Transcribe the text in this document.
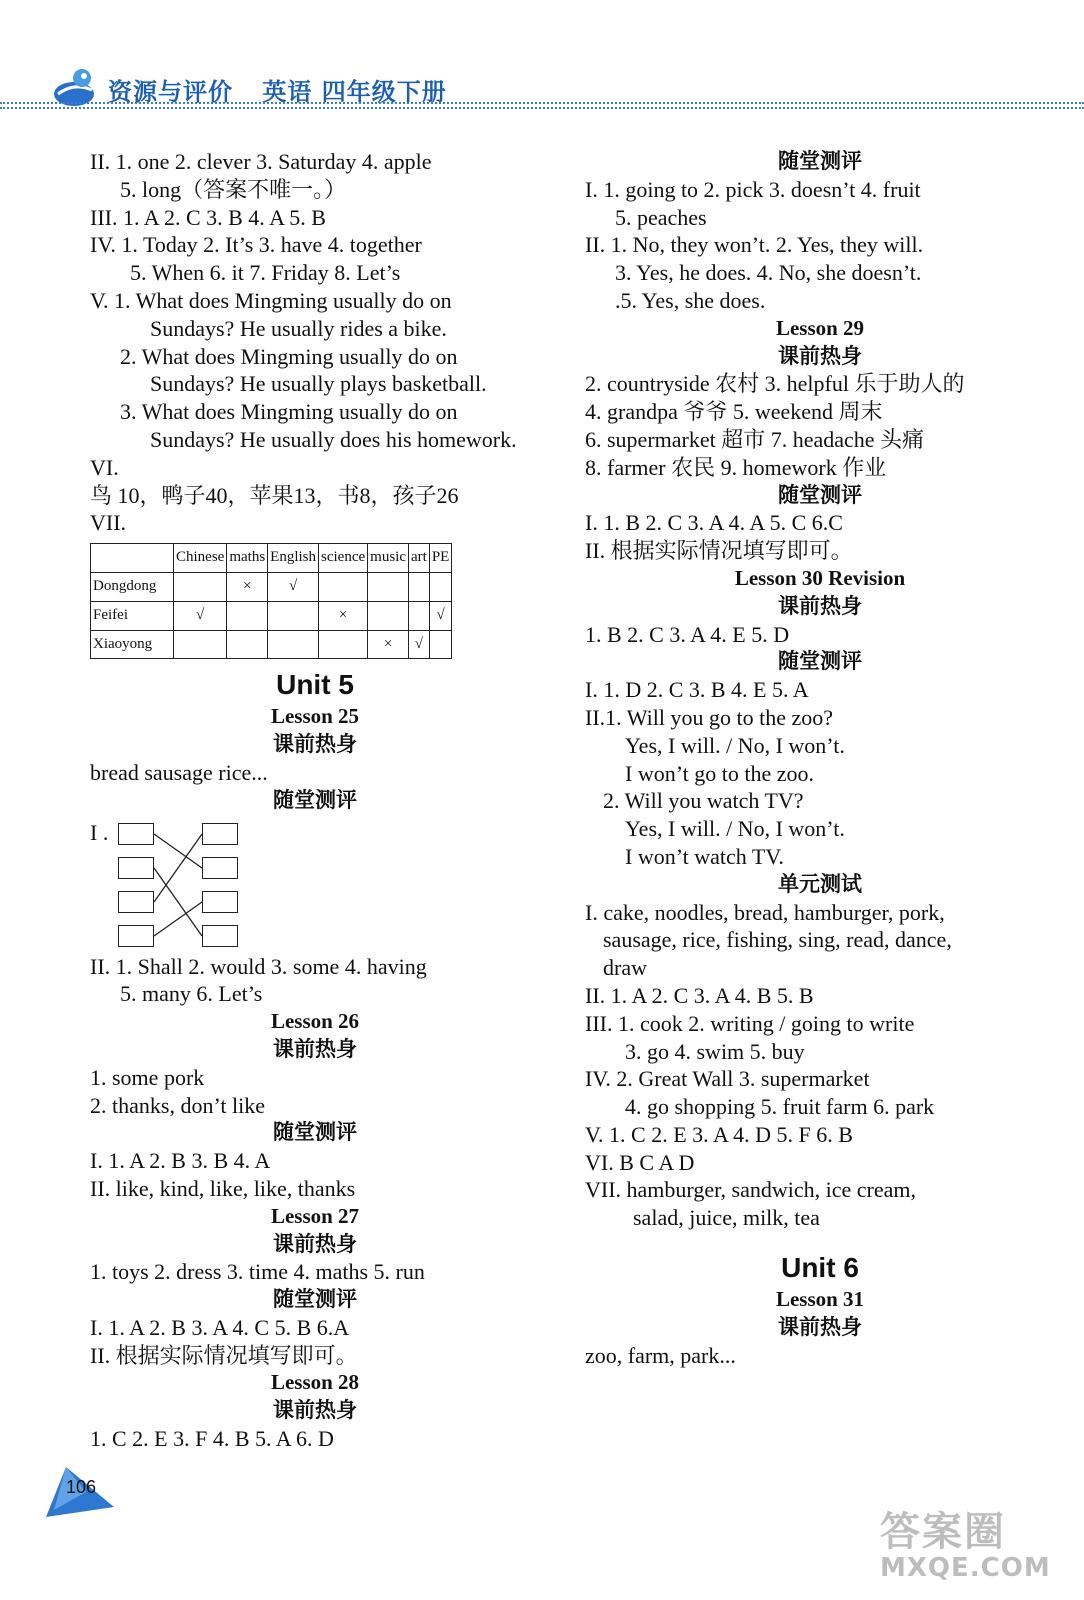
资源与评价 英语 四年级下册
II. 1. one 2. clever 3. Saturday 4. apple
5. long（答案不唯一。）
III. 1. A 2. C 3. B 4. A 5. B
IV. 1. Today 2. It’s 3. have 4. together
5. When 6. it 7. Friday 8. Let’s
V. 1. What does Mingming usually do on
Sundays? He usually rides a bike.
2. What does Mingming usually do on
Sundays? He usually plays basketball.
3. What does Mingming usually do on
Sundays? He usually does his homework.
VI.
鸟 10，鸭子40，苹果13，书8，孩子26
VII.
	Chinese	maths	English	science	music	art	PE
Dongdong		×	√				
Feifei	√			×			√
Xiaoyong					×	√	
Unit 5
Lesson 25
课前热身
bread sausage rice...
随堂测评
I .
II. 1. Shall 2. would 3. some 4. having
5. many 6. Let’s
Lesson 26
课前热身
1. some pork
2. thanks, don’t like
随堂测评
I. 1. A 2. B 3. B 4. A
II. like, kind, like, like, thanks
Lesson 27
课前热身
1. toys 2. dress 3. time 4. maths 5. run
随堂测评
I. 1. A 2. B 3. A 4. C 5. B 6.A
II. 根据实际情况填写即可。
Lesson 28
课前热身
1. C 2. E 3. F 4. B 5. A 6. D
随堂测评
I. 1. going to 2. pick 3. doesn’t 4. fruit
5. peaches
II. 1. No, they won’t. 2. Yes, they will.
3. Yes, he does. 4. No, she doesn’t.
.5. Yes, she does.
Lesson 29
课前热身
2. countryside 农村 3. helpful 乐于助人的
4. grandpa 爷爷 5. weekend 周末
6. supermarket 超市 7. headache 头痛
8. farmer 农民 9. homework 作业
随堂测评
I. 1. B 2. C 3. A 4. A 5. C 6.C
II. 根据实际情况填写即可。
Lesson 30 Revision
课前热身
1. B 2. C 3. A 4. E 5. D
随堂测评
I. 1. D 2. C 3. B 4. E 5. A
II.1. Will you go to the zoo?
Yes, I will. / No, I won’t.
I won’t go to the zoo.
2. Will you watch TV?
Yes, I will. / No, I won’t.
I won’t watch TV.
单元测试
I. cake, noodles, bread, hamburger, pork,
sausage, rice, fishing, sing, read, dance,
draw
II. 1. A 2. C 3. A 4. B 5. B
III. 1. cook 2. writing / going to write
3. go 4. swim 5. buy
IV. 2. Great Wall 3. supermarket
4. go shopping 5. fruit farm 6. park
V. 1. C 2. E 3. A 4. D 5. F 6. B
VI. B C A D
VII. hamburger, sandwich, ice cream,
salad, juice, milk, tea
Unit 6
Lesson 31
课前热身
zoo, farm, park...
106
答案圈
MXQE.COM
